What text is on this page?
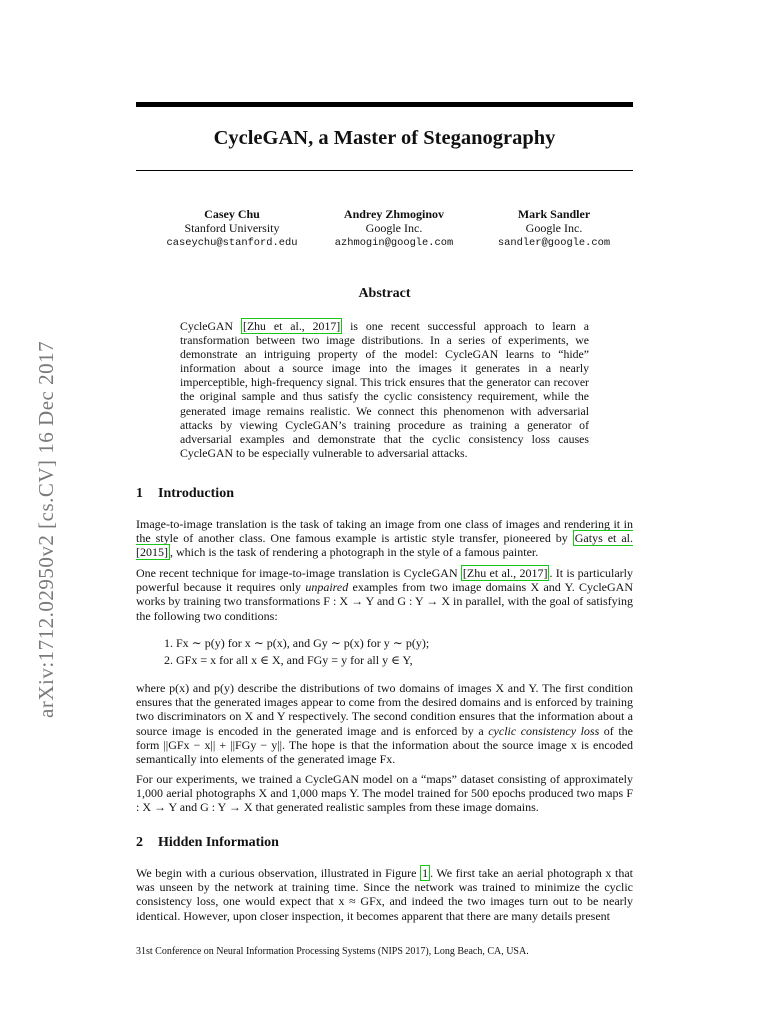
arXiv:1712.02950v2 [cs.CV] 16 Dec 2017
CycleGAN, a Master of Steganography
Casey Chu
Stanford University
caseychu@stanford.edu
Andrey Zhmoginov
Google Inc.
azhmogin@google.com
Mark Sandler
Google Inc.
sandler@google.com
Abstract

CycleGAN [Zhu et al., 2017] is one recent successful approach to learn a transformation between two image distributions. In a series of experiments, we demonstrate an intriguing property of the model: CycleGAN learns to “hide” information about a source image into the images it generates in a nearly imperceptible, high-frequency signal. This trick ensures that the generator can recover the original sample and thus satisfy the cyclic consistency requirement, while the generated image remains realistic. We connect this phenomenon with adversarial attacks by viewing CycleGAN’s training procedure as training a generator of adversarial examples and demonstrate that the cyclic consistency loss causes CycleGAN to be especially vulnerable to adversarial attacks.

1 Introduction

Image-to-image translation is the task of taking an image from one class of images and rendering it in the style of another class. One famous example is artistic style transfer, pioneered by Gatys et al. [2015] , which is the task of rendering a photograph in the style of a famous painter.

One recent technique for image-to-image translation is CycleGAN [Zhu et al., 2017] . It is particularly powerful because it requires only unpaired examples from two image domains X and Y. CycleGAN works by training two transformations F : X → Y and G : Y → X in parallel, with the goal of satisfying the following two conditions:

1. Fx ∼ p(y) for x ∼ p(x), and Gy ∼ p(x) for y ∼ p(y);
2. GFx = x for all x ∈ X, and FGy = y for all y ∈ Y,

where p(x) and p(y) describe the distributions of two domains of images X and Y. The first condition ensures that the generated images appear to come from the desired domains and is enforced by training two discriminators on X and Y respectively. The second condition ensures that the information about a source image is encoded in the generated image and is enforced by a cyclic consistency loss of the form ||GFx − x|| + ||FGy − y||. The hope is that the information about the source image x is encoded semantically into elements of the generated image Fx.

For our experiments, we trained a CycleGAN model on a “maps” dataset consisting of approximately 1,000 aerial photographs X and 1,000 maps Y. The model trained for 500 epochs produced two maps F : X → Y and G : Y → X that generated realistic samples from these image domains.

2 Hidden Information

We begin with a curious observation, illustrated in Figure 1 . We first take an aerial photograph x that was unseen by the network at training time. Since the network was trained to minimize the cyclic consistency loss, one would expect that x ≈ GFx, and indeed the two images turn out to be nearly identical. However, upon closer inspection, it becomes apparent that there are many details present

31st Conference on Neural Information Processing Systems (NIPS 2017), Long Beach, CA, USA.
